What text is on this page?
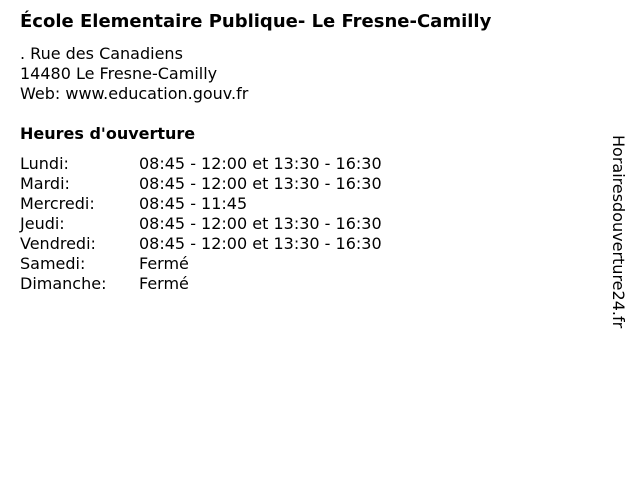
École Elementaire Publique- Le Fresne-Camilly
. Rue des Canadiens
14480 Le Fresne-Camilly
Web: www.education.gouv.fr
Heures d'ouverture
Lundi:	08:45 - 12:00 et 13:30 - 16:30
Mardi:	08:45 - 12:00 et 13:30 - 16:30
Mercredi:	08:45 - 11:45
Jeudi:	08:45 - 12:00 et 13:30 - 16:30
Vendredi:	08:45 - 12:00 et 13:30 - 16:30
Samedi:	Fermé
Dimanche: Fermé	Horairesdouverture24.fr
